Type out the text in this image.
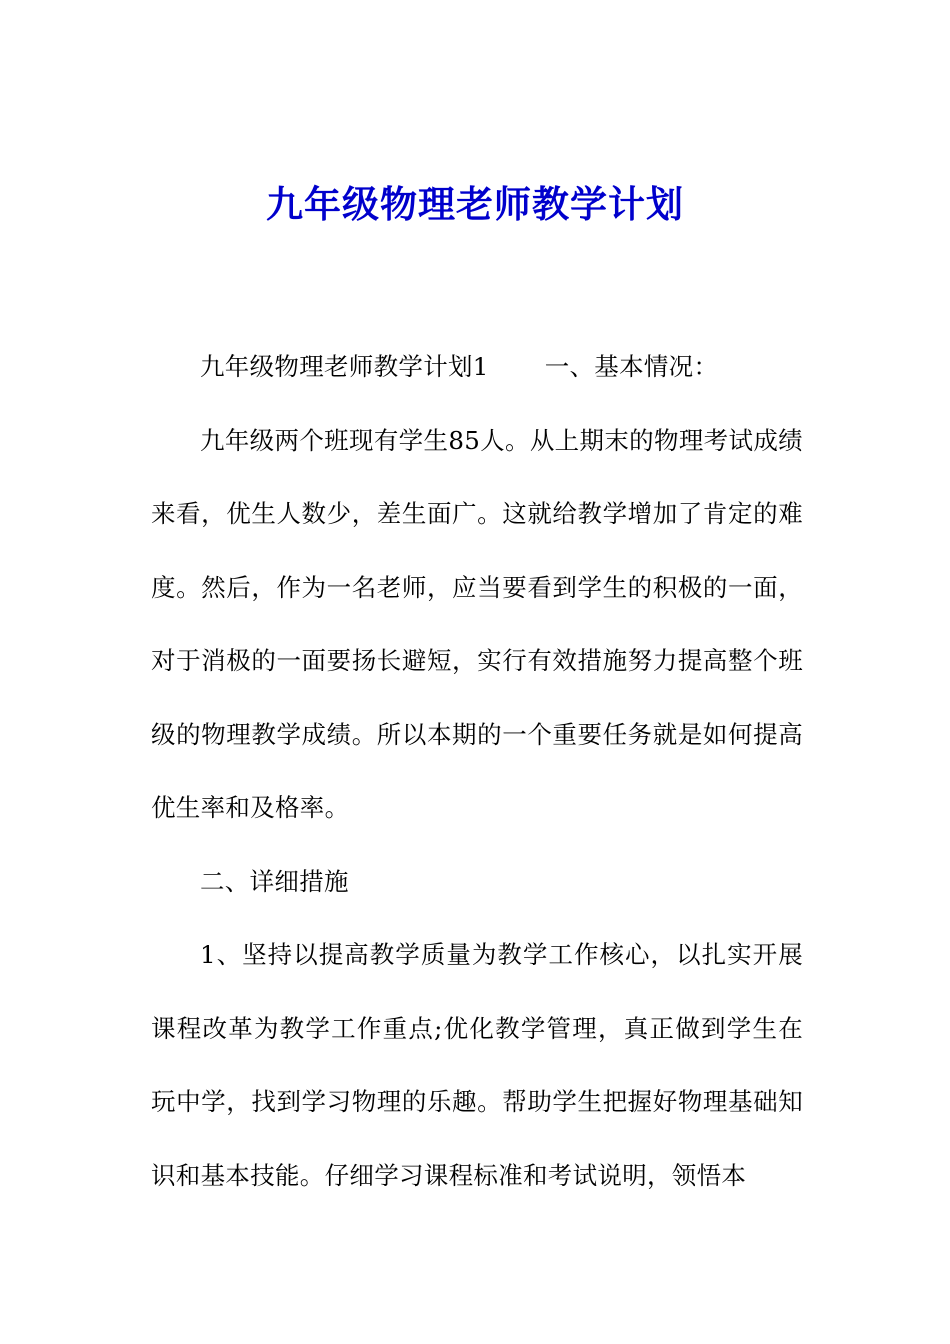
九年级物理老师教学计划

九年级物理老师教学计划1 一、基本情况：

九年级两个班现有学生85人。从上期末的物理考试成绩来看，优生人数少，差生面广。这就给教学增加了肯定的难度。然后，作为一名老师，应当要看到学生的积极的一面，对于消极的一面要扬长避短，实行有效措施努力提高整个班级的物理教学成绩。所以本期的一个重要任务就是如何提高优生率和及格率。

二、详细措施

1、坚持以提高教学质量为教学工作核心，以扎实开展课程改革为教学工作重点;优化教学管理，真正做到学生在玩中学，找到学习物理的乐趣。帮助学生把握好物理基础知识和基本技能。仔细学习课程标准和考试说明，领悟本
